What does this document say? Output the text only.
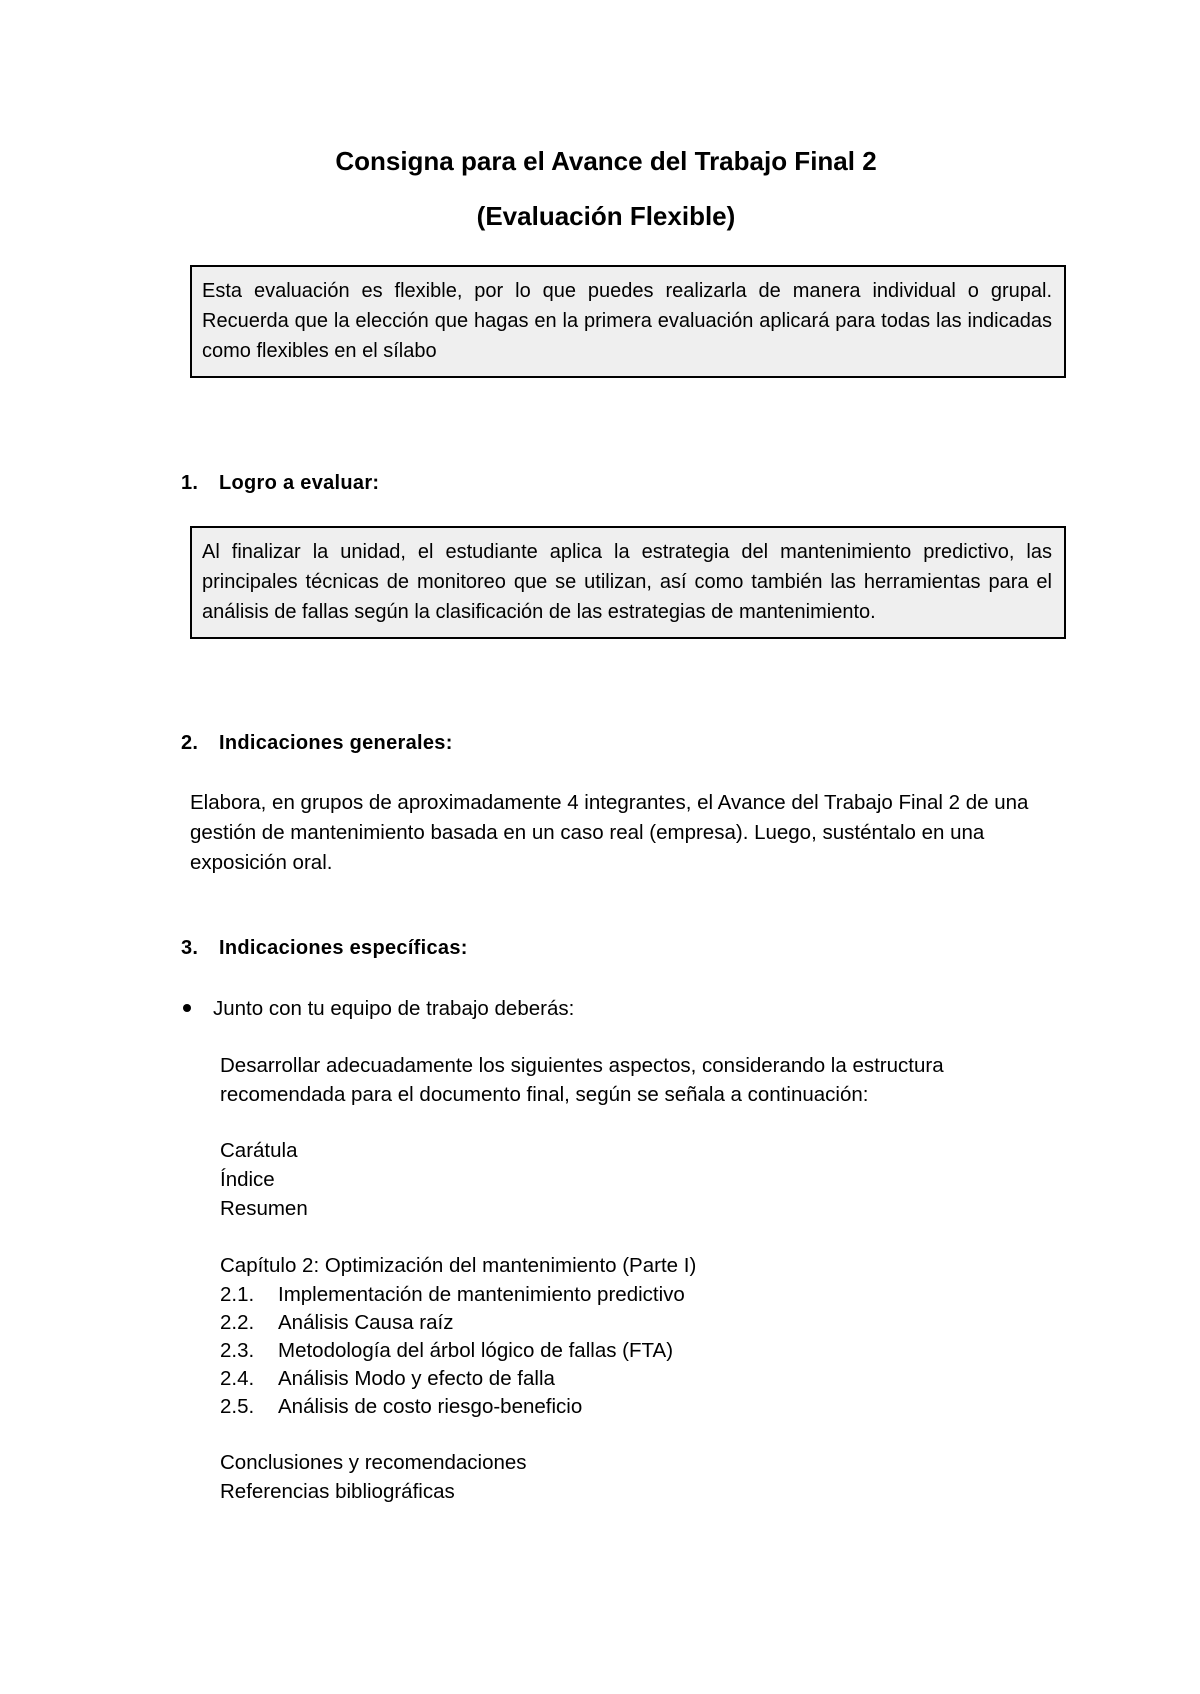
Consigna para el Avance del Trabajo Final 2
(Evaluación Flexible)
Esta evaluación es flexible, por lo que puedes realizarla de manera individual o grupal. Recuerda que la elección que hagas en la primera evaluación aplicará para todas las indicadas como flexibles en el sílabo
1. Logro a evaluar:
Al finalizar la unidad, el estudiante aplica la estrategia del mantenimiento predictivo, las principales técnicas de monitoreo que se utilizan, así como también las herramientas para el análisis de fallas según la clasificación de las estrategias de mantenimiento.
2. Indicaciones generales:
Elabora, en grupos de aproximadamente 4 integrantes, el Avance del Trabajo Final 2 de una gestión de mantenimiento basada en un caso real (empresa). Luego, susténtalo en una exposición oral.
3. Indicaciones específicas:
Junto con tu equipo de trabajo deberás:
Desarrollar adecuadamente los siguientes aspectos, considerando la estructura recomendada para el documento final, según se señala a continuación:
Carátula
Índice
Resumen
Capítulo 2: Optimización del mantenimiento (Parte I)
2.1. Implementación de mantenimiento predictivo
2.2. Análisis Causa raíz
2.3. Metodología del árbol lógico de fallas (FTA)
2.4. Análisis Modo y efecto de falla
2.5. Análisis de costo riesgo-beneficio
Conclusiones y recomendaciones
Referencias bibliográficas
